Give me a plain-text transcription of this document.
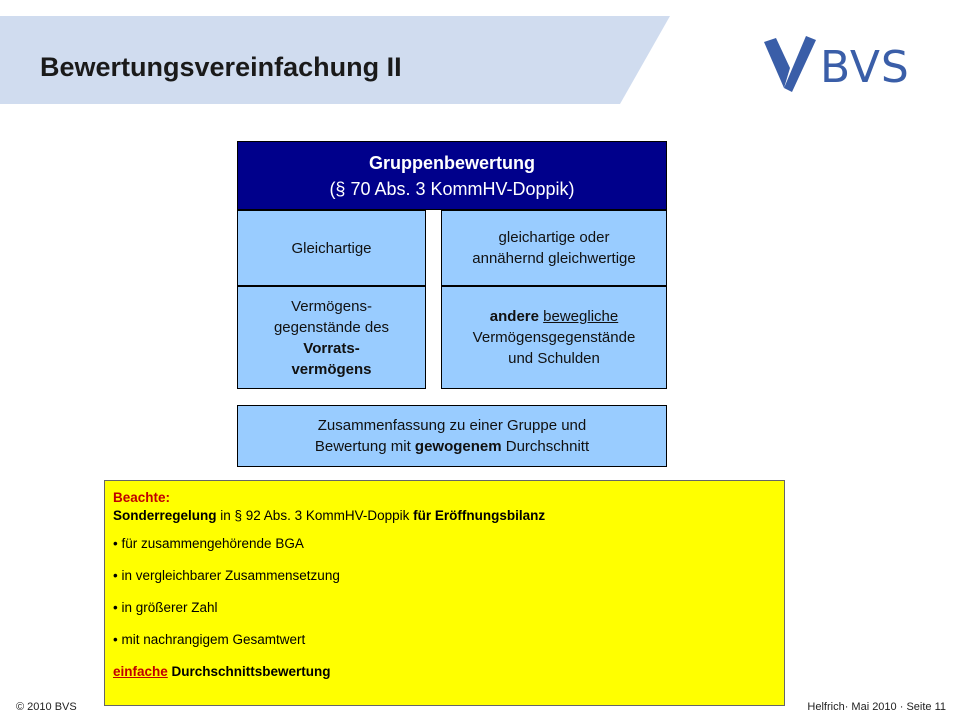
Bewertungsvereinfachung II	BVS
Gruppenbewertung
(§ 70 Abs. 3 KommHV-Doppik)
Gleichartige
gleichartige oder
annähernd gleichwertige
Vermögens-
gegenstände des
Vorrats-
vermögens
andere bewegliche
Vermögensgegenstände
und Schulden
Zusammenfassung zu einer Gruppe und
Bewertung mit gewogenem Durchschnitt
Beachte:
Sonderregelung in § 92 Abs. 3 KommHV-Doppik für Eröffnungsbilanz
• für zusammengehörende BGA
• in vergleichbarer Zusammensetzung
• in größerer Zahl
• mit nachrangigem Gesamtwert
einfache Durchschnittsbewertung
© 2010 BVS	Helfrich· Mai 2010 · Seite 11
